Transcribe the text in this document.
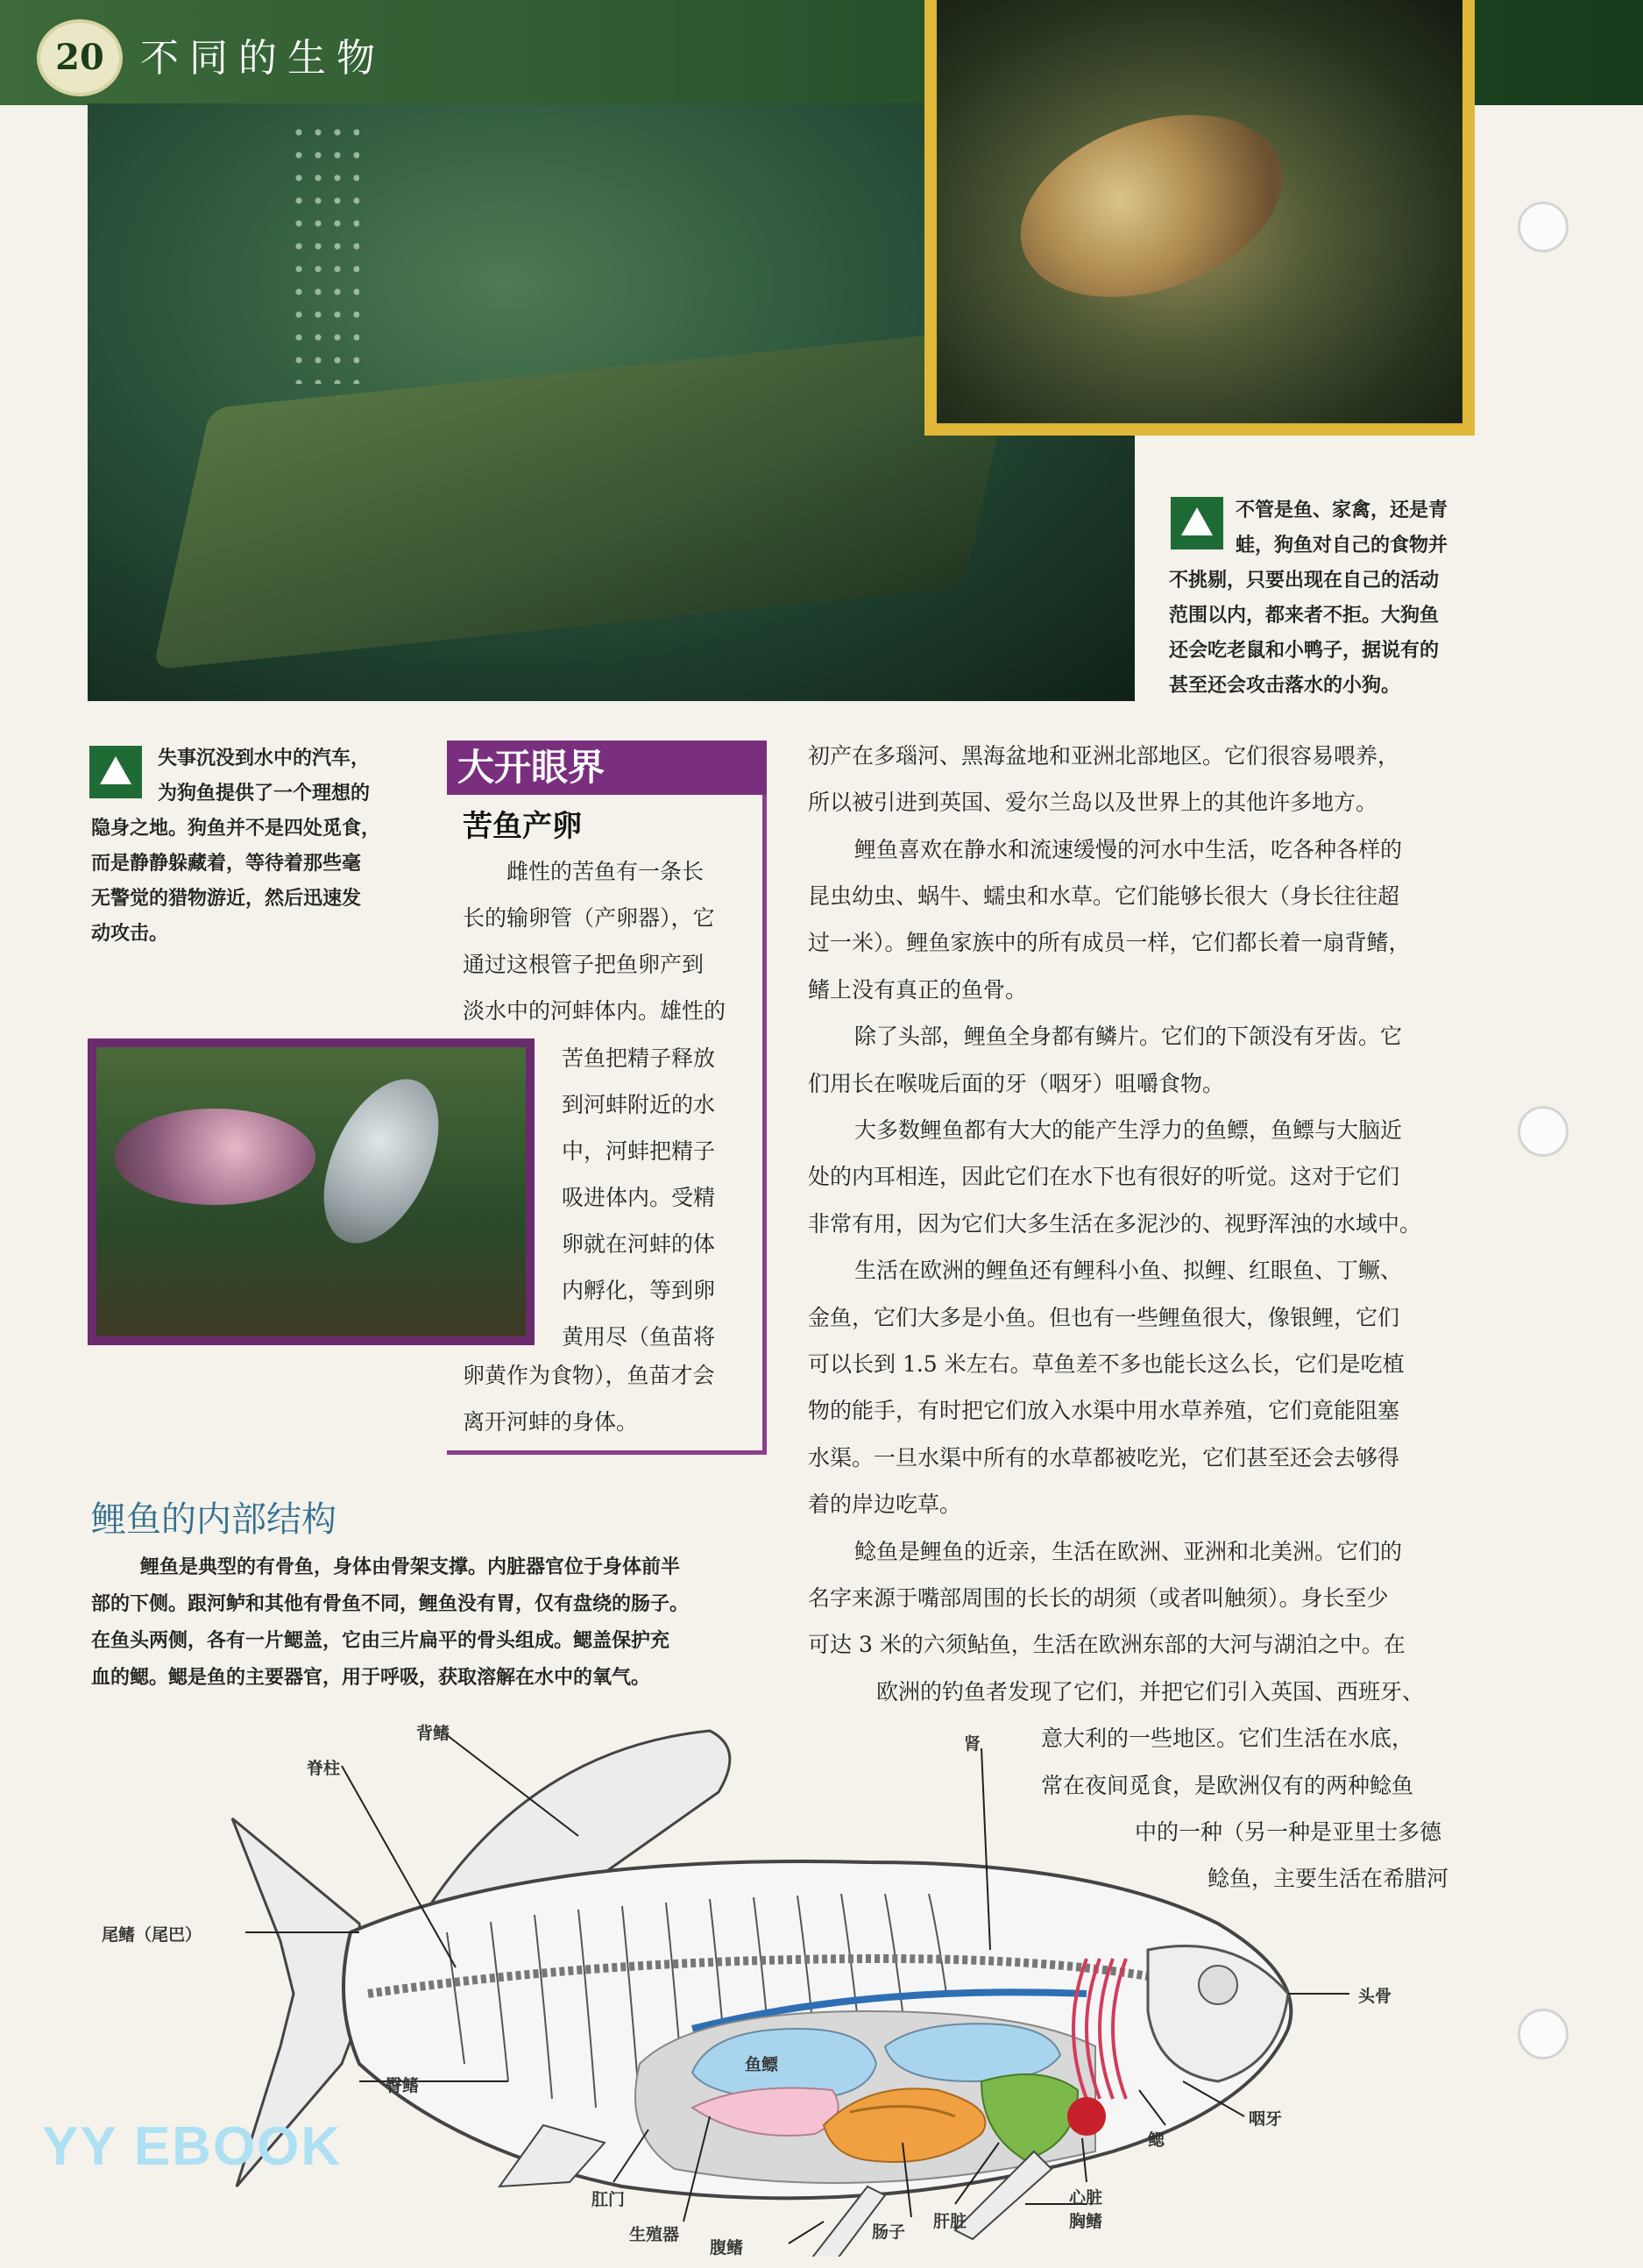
20 不同的生物
不管是鱼、家禽，还是青
蛙，狗鱼对自己的食物并
不挑剔，只要出现在自己的活动
范围以内，都来者不拒。大狗鱼
还会吃老鼠和小鸭子，据说有的
甚至还会攻击落水的小狗。
失事沉没到水中的汽车，
为狗鱼提供了一个理想的
隐身之地。狗鱼并不是四处觅食，
而是静静躲藏着，等待着那些毫
无警觉的猎物游近，然后迅速发
动攻击。
大开眼界
苦鱼产卵
雌性的苦鱼有一条长
长的输卵管（产卵器），它
通过这根管子把鱼卵产到
淡水中的河蚌体内。雄性的
苦鱼把精子释放
到河蚌附近的水
中，河蚌把精子
吸进体内。受精
卵就在河蚌的体
内孵化，等到卵
黄用尽（鱼苗将
卵黄作为食物），鱼苗才会
离开河蚌的身体。
初产在多瑙河、黑海盆地和亚洲北部地区。它们很容易喂养，
所以被引进到英国、爱尔兰岛以及世界上的其他许多地方。
鲤鱼喜欢在静水和流速缓慢的河水中生活，吃各种各样的
昆虫幼虫、蜗牛、蠕虫和水草。它们能够长很大（身长往往超
过一米）。鲤鱼家族中的所有成员一样，它们都长着一扇背鳍，
鳍上没有真正的鱼骨。
除了头部，鲤鱼全身都有鳞片。它们的下颌没有牙齿。它
们用长在喉咙后面的牙（咽牙）咀嚼食物。
大多数鲤鱼都有大大的能产生浮力的鱼鳔，鱼鳔与大脑近
处的内耳相连，因此它们在水下也有很好的听觉。这对于它们
非常有用，因为它们大多生活在多泥沙的、视野浑浊的水域中。
生活在欧洲的鲤鱼还有鲤科小鱼、拟鲤、红眼鱼、丁鳜、
金鱼，它们大多是小鱼。但也有一些鲤鱼很大，像银鲤，它们
可以长到 1.5 米左右。草鱼差不多也能长这么长，它们是吃植
物的能手，有时把它们放入水渠中用水草养殖，它们竟能阻塞
水渠。一旦水渠中所有的水草都被吃光，它们甚至还会去够得
着的岸边吃草。
鲶鱼是鲤鱼的近亲，生活在欧洲、亚洲和北美洲。它们的
名字来源于嘴部周围的长长的胡须（或者叫触须）。身长至少
可达 3 米的六须鲇鱼，生活在欧洲东部的大河与湖泊之中。在
欧洲的钓鱼者发现了它们，并把它们引入英国、西班牙、
意大利的一些地区。它们生活在水底，
常在夜间觅食，是欧洲仅有的两种鲶鱼
中的一种（另一种是亚里士多德
鲶鱼，主要生活在希腊河
鲤鱼的内部结构
鲤鱼是典型的有骨鱼，身体由骨架支撑。内脏器官位于身体前半
部的下侧。跟河鲈和其他有骨鱼不同，鲤鱼没有胃，仅有盘绕的肠子。
在鱼头两侧，各有一片鳃盖，它由三片扁平的骨头组成。鳃盖保护充
血的鳃。鳃是鱼的主要器官，用于呼吸，获取溶解在水中的氧气。
背鳍
脊柱
肾
尾鳍（尾巴）
鱼鳔
头骨
臀鳍
咽牙
鳃
肛门	心脏
生殖器	肠子
肝脏	胸鳍
腹鳍
YY EBOOK
